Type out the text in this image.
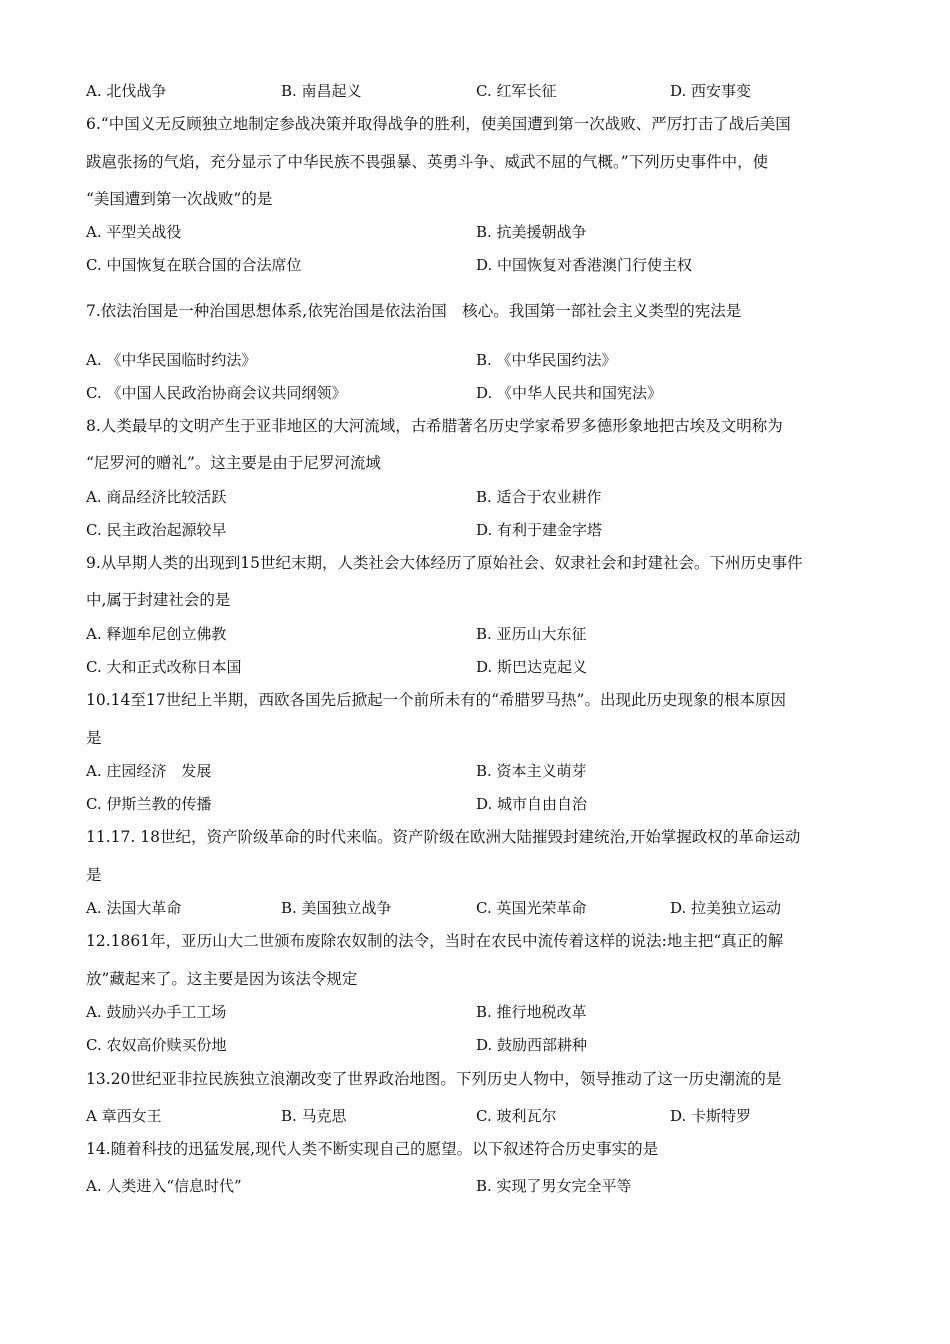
A. 北伐战争	B. 南昌起义	C. 红军长征	D. 西安事变
6.“中国义无反顾独立地制定参战决策并取得战争的胜利，使美国遭到第一次战败、严厉打击了战后美国
跋扈张扬的气焰，充分显示了中华民族不畏强暴、英勇斗争、威武不屈的气概。”下列历史事件中，使
“美国遭到第一次战败”的是
A. 平型关战役	B. 抗美援朝战争
C. 中国恢复在联合国的合法席位	D. 中国恢复对香港澳门行使主权
7.依法治国是一种治国思想体系,依宪治国是依法治国　核心。我国第一部社会主义类型的宪法是
A. 《中华民国临时约法》	B. 《中华民国约法》
C. 《中国人民政治协商会议共同纲领》	D. 《中华人民共和国宪法》
8.人类最早的文明产生于亚非地区的大河流域，古希腊著名历史学家希罗多德形象地把古埃及文明称为
“尼罗河的赠礼”。这主要是由于尼罗河流域
A. 商品经济比较活跃	B. 适合于农业耕作
C. 民主政治起源较早	D. 有利于建金字塔
9.从早期人类的出现到15世纪末期，人类社会大体经历了原始社会、奴隶社会和封建社会。下州历史事件
中,属于封建社会的是
A. 释迦牟尼创立佛教	B. 亚历山大东征
C. 大和正式改称日本国	D. 斯巴达克起义
10.14至17世纪上半期，西欧各国先后掀起一个前所未有的“希腊罗马热”。出现此历史现象的根本原因
是
A. 庄园经济　发展	B. 资本主义萌芽
C. 伊斯兰教的传播	D. 城市自由自治
11.17. 18世纪，资产阶级革命的时代来临。资产阶级在欧洲大陆摧毁封建统治,开始掌握政权的革命运动
是
A. 法国大革命	B. 美国独立战争	C. 英国光荣革命	D. 拉美独立运动
12.1861年，亚历山大二世颁布废除农奴制的法令，当时在农民中流传着这样的说法:地主把“真正的解
放”藏起来了。这主要是因为该法令规定
A. 鼓励兴办手工工场	B. 推行地税改革
C. 农奴高价赎买份地	D. 鼓励西部耕种
13.20世纪亚非拉民族独立浪潮改变了世界政治地图。下列历史人物中，领导推动了这一历史潮流的是
A 章西女王	B. 马克思	C. 玻利瓦尔	D. 卡斯特罗
14.随着科技的迅猛发展,现代人类不断实现自己的愿望。以下叙述符合历史事实的是
A. 人类进入“信息时代”	B. 实现了男女完全平等
